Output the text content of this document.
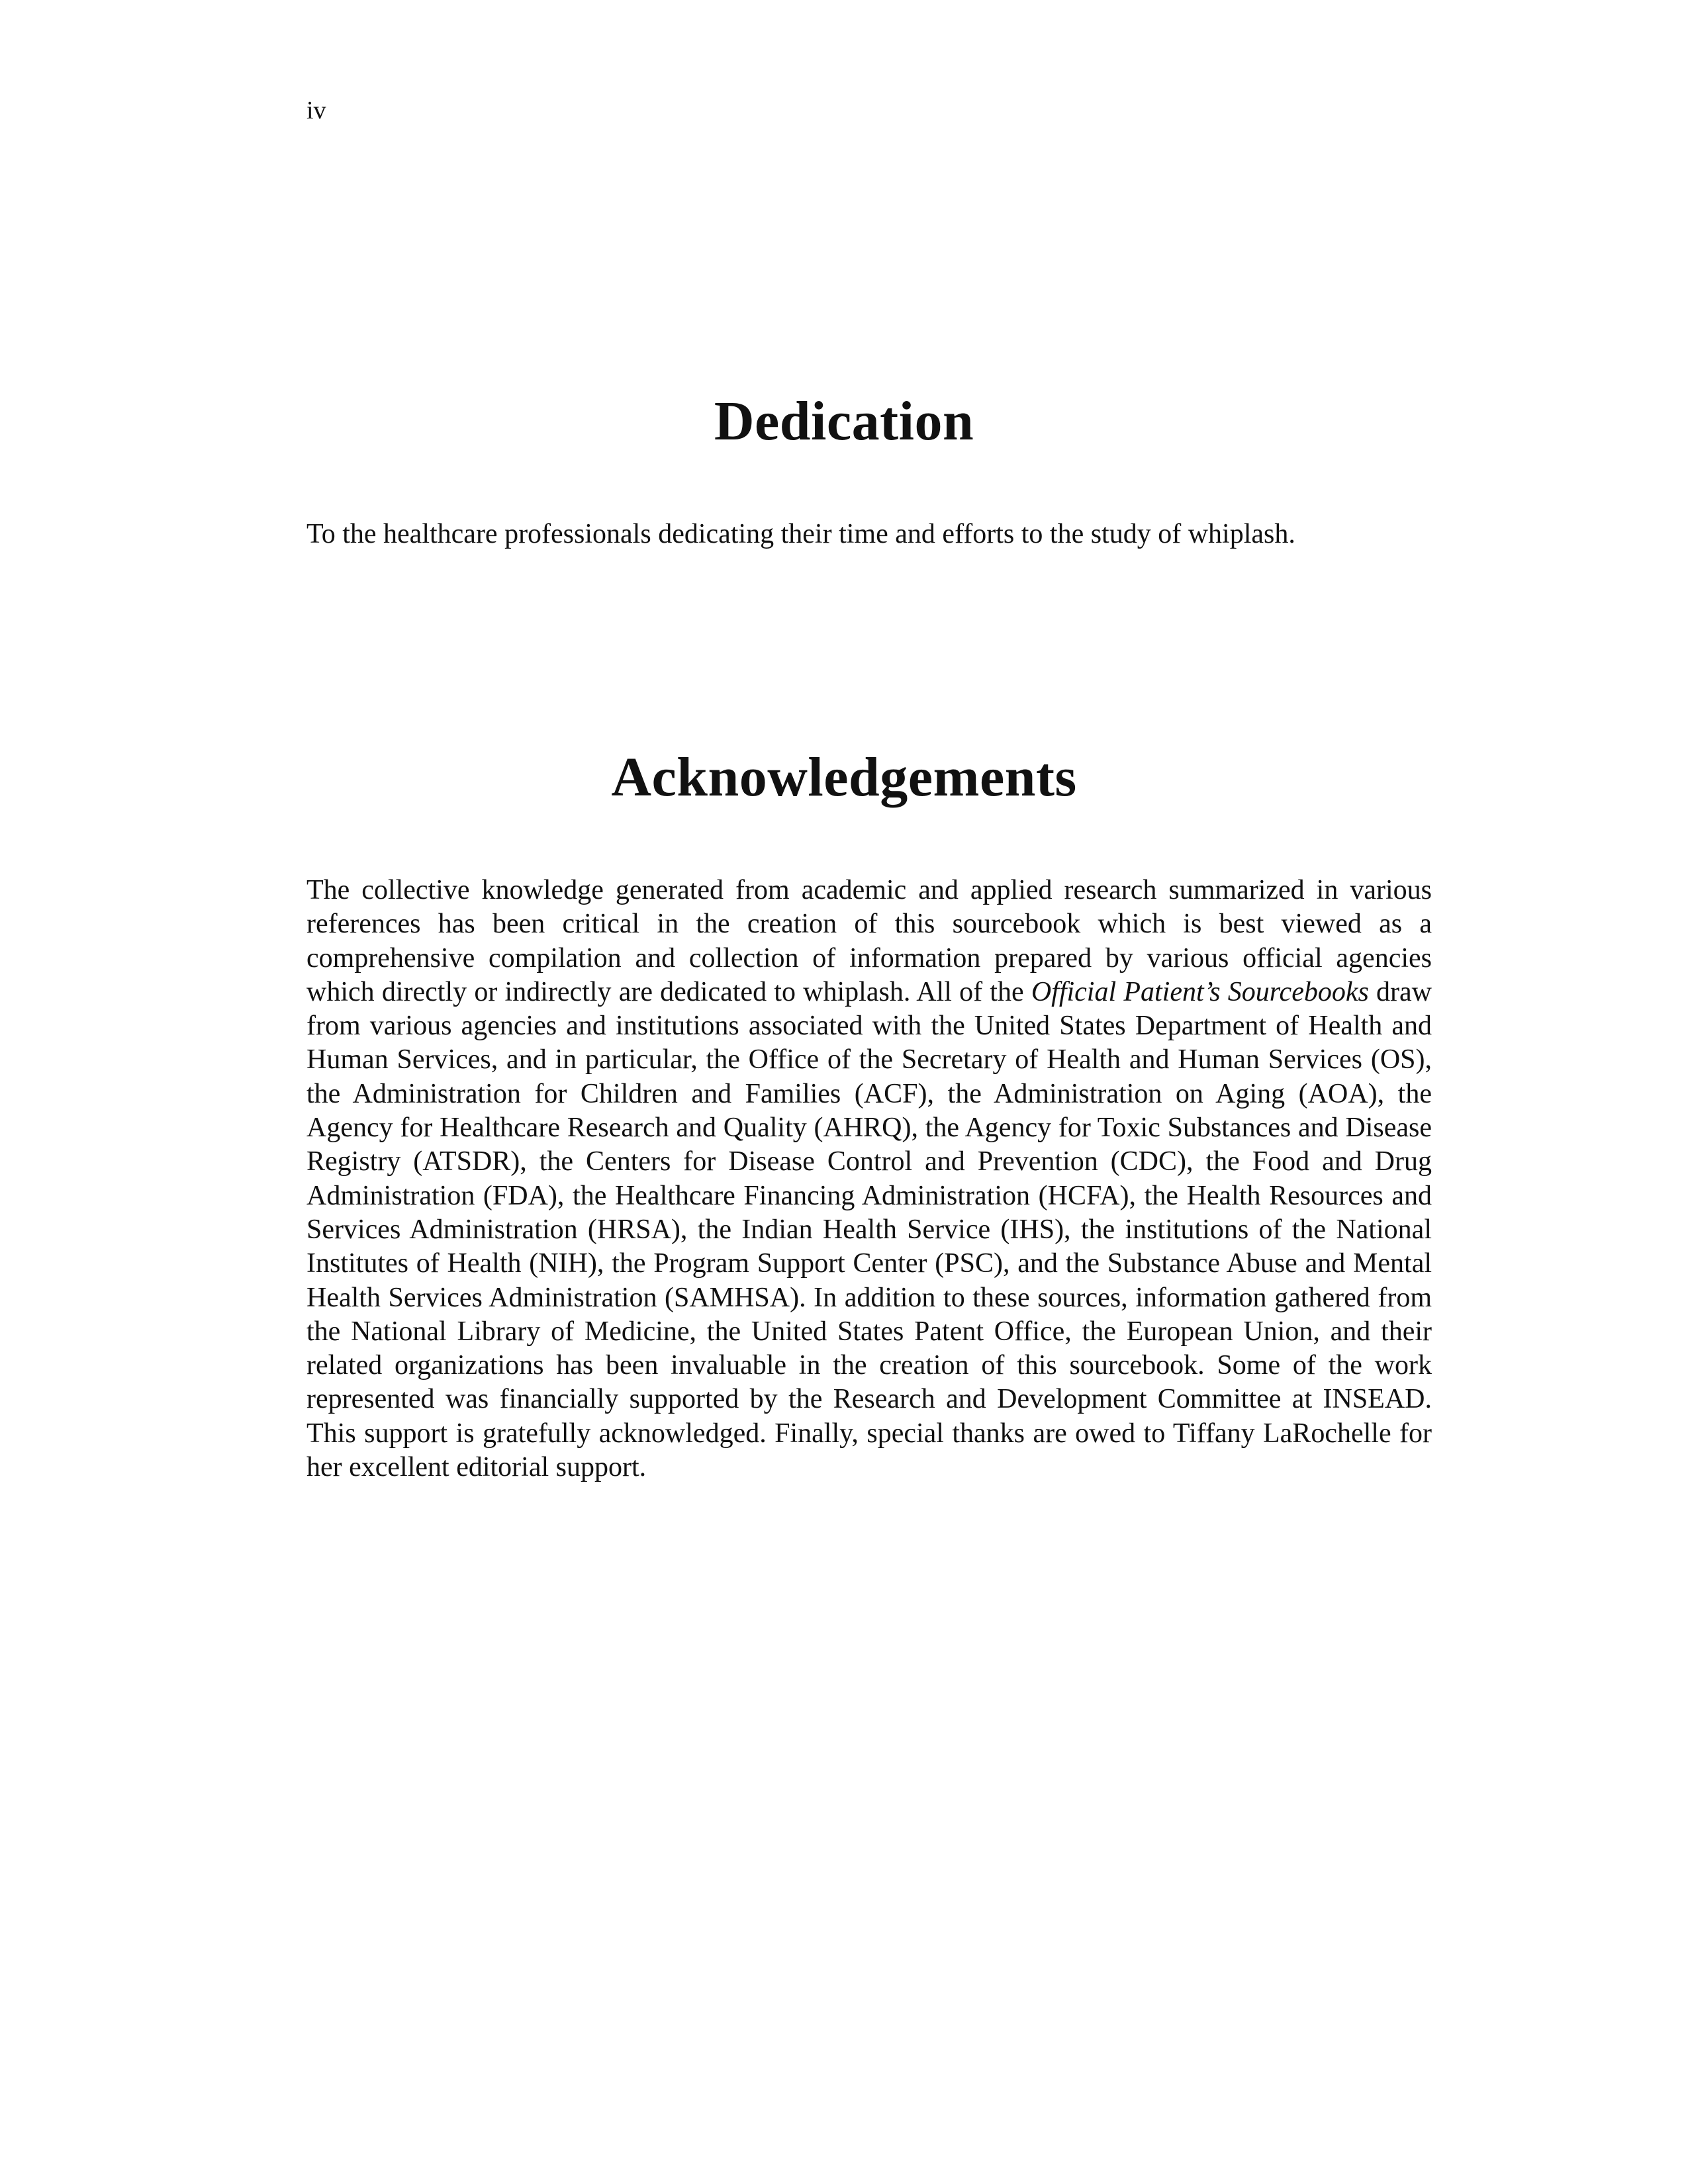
iv
Dedication

To the healthcare professionals dedicating their time and efforts to the study of whiplash.

Acknowledgements

The collective knowledge generated from academic and applied research summarized in various references has been critical in the creation of this sourcebook which is best viewed as a comprehensive compilation and collection of information prepared by various official agencies which directly or indirectly are dedicated to whiplash. All of the Official Patient’s Sourcebooks draw from various agencies and institutions associated with the United States Department of Health and Human Services, and in particular, the Office of the Secretary of Health and Human Services (OS), the Administration for Children and Families (ACF), the Administration on Aging (AOA), the Agency for Healthcare Research and Quality (AHRQ), the Agency for Toxic Substances and Disease Registry (ATSDR), the Centers for Disease Control and Prevention (CDC), the Food and Drug Administration (FDA), the Healthcare Financing Administration (HCFA), the Health Resources and Services Administration (HRSA), the Indian Health Service (IHS), the institutions of the National Institutes of Health (NIH), the Program Support Center (PSC), and the Substance Abuse and Mental Health Services Administration (SAMHSA). In addition to these sources, information gathered from the National Library of Medicine, the United States Patent Office, the European Union, and their related organizations has been invaluable in the creation of this sourcebook. Some of the work represented was financially supported by the Research and Development Committee at INSEAD. This support is gratefully acknowledged. Finally, special thanks are owed to Tiffany LaRochelle for her excellent editorial support.
